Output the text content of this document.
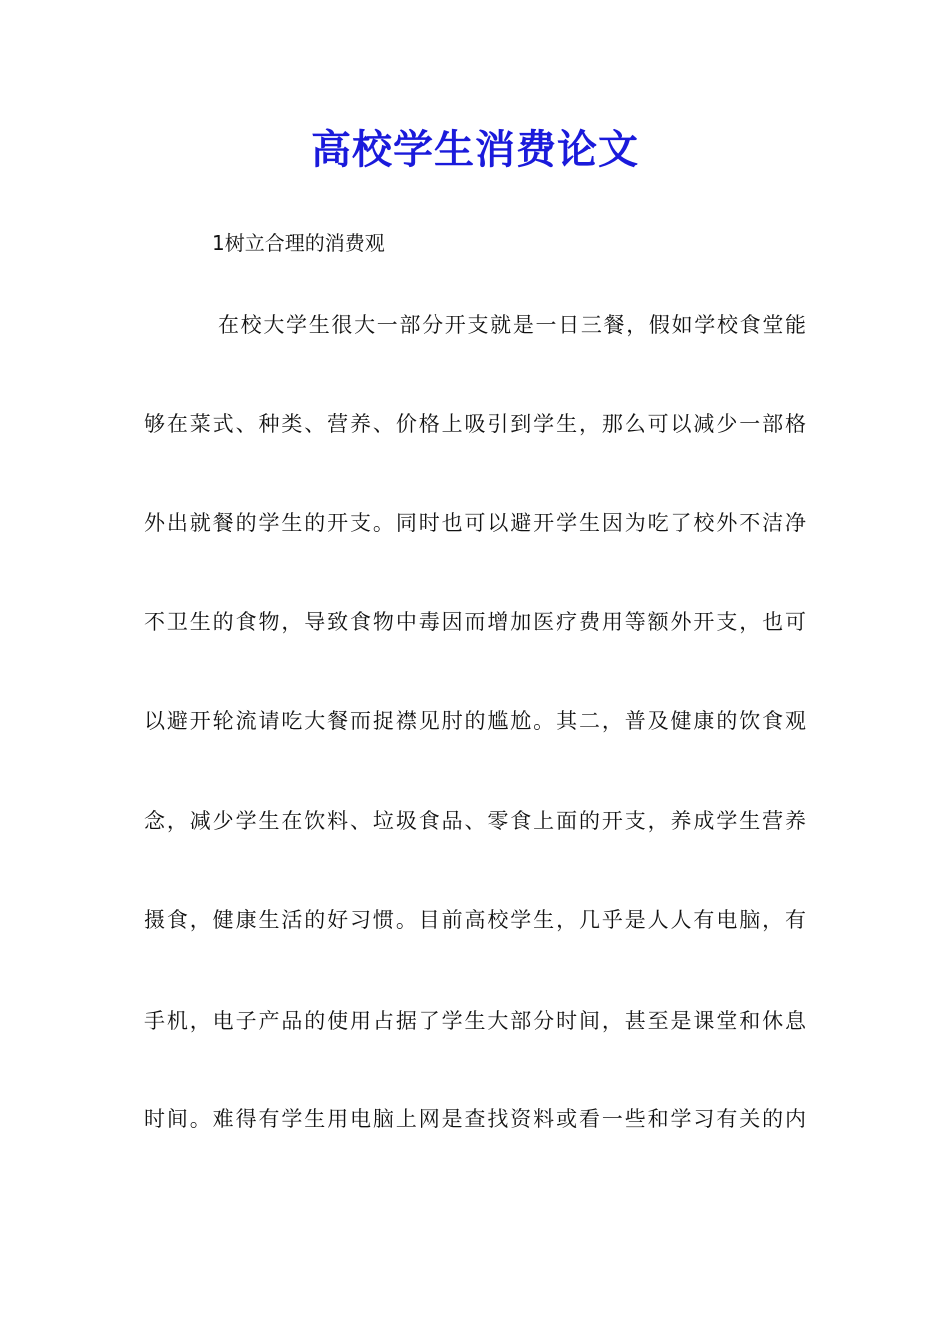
高校学生消费论文

1树立合理的消费观

在校大学生很大一部分开支就是一日三餐，假如学校食堂能

够在菜式、种类、营养、价格上吸引到学生，那么可以减少一部格

外出就餐的学生的开支。同时也可以避开学生因为吃了校外不洁净

不卫生的食物，导致食物中毒因而增加医疗费用等额外开支，也可

以避开轮流请吃大餐而捉襟见肘的尴尬。其二，普及健康的饮食观

念，减少学生在饮料、垃圾食品、零食上面的开支，养成学生营养

摄食，健康生活的好习惯。目前高校学生，几乎是人人有电脑，有

手机，电子产品的使用占据了学生大部分时间，甚至是课堂和休息

时间。难得有学生用电脑上网是查找资料或看一些和学习有关的内
